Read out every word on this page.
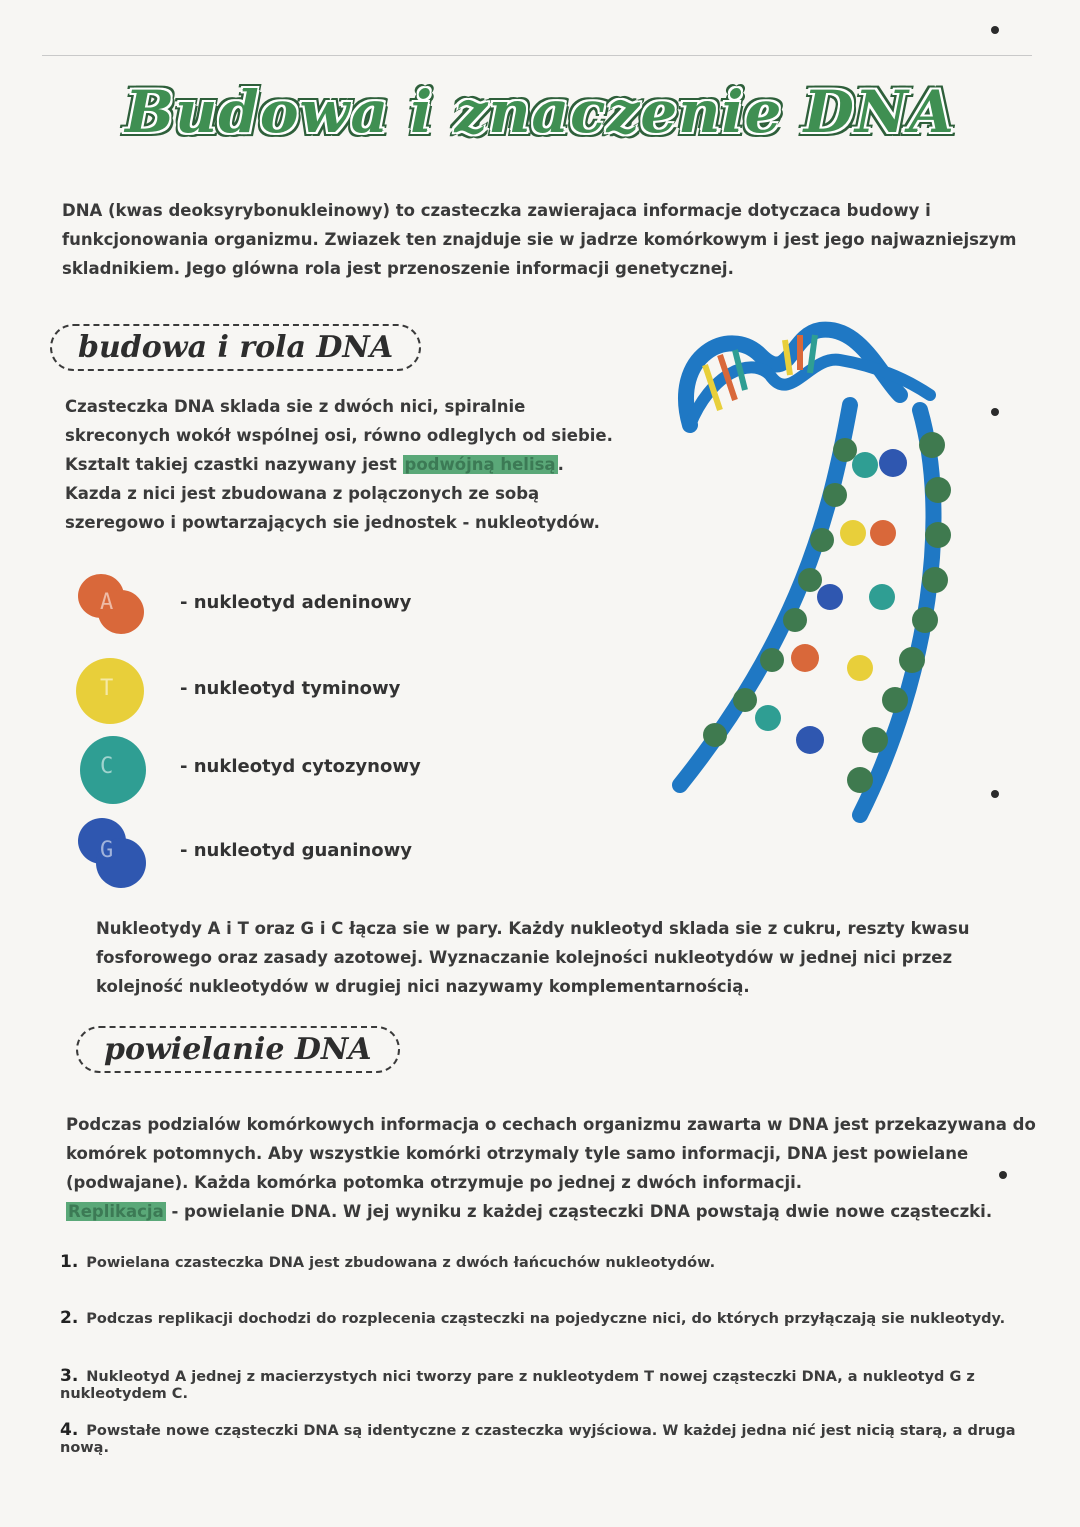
Budowa i znaczenie DNA
DNA (kwas deoksyrybonukleinowy) to czasteczka zawierajaca informacje dotyczaca budowy i funkcjonowania organizmu. Zwiazek ten znajduje sie w jadrze komórkowym i jest jego najwazniejszym skladnikiem. Jego glówna rola jest przenoszenie informacji genetycznej.
budowa i rola DNA
Czasteczka DNA sklada sie z dwóch nici, spiralnie skreconych wokół wspólnej osi, równo odleglych od siebie. Ksztalt takiej czastki nazywany jest podwójną helisą . Kazda z nici jest zbudowana z polączonych ze sobą szeregowo i powtarzających sie jednostek - nukleotydów.
A	- nukleotyd adeninowy
T	- nukleotyd tyminowy
C	- nukleotyd cytozynowy
G	- nukleotyd guaninowy
Nukleotydy A i T oraz G i C łącza sie w pary. Każdy nukleotyd sklada sie z cukru, reszty kwasu fosforowego oraz zasady azotowej. Wyznaczanie kolejności nukleotydów w jednej nici przez kolejność nukleotydów w drugiej nici nazywamy komplementarnością.
powielanie DNA
Podczas podzialów komórkowych informacja o cechach organizmu zawarta w DNA jest przekazywana do komórek potomnych. Aby wszystkie komórki otrzymaly tyle samo informacji, DNA jest powielane (podwajane). Każda komórka potomka otrzymuje po jednej z dwóch informacji.
Replikacja - powielanie DNA. W jej wyniku z każdej cząsteczki DNA powstają dwie nowe cząsteczki.
1. Powielana czasteczka DNA jest zbudowana z dwóch łańcuchów nukleotydów.
2. Podczas replikacji dochodzi do rozplecenia cząsteczki na pojedyczne nici, do których przyłączają sie nukleotydy.
3. Nukleotyd A jednej z macierzystych nici tworzy pare z nukleotydem T nowej cząsteczki DNA, a nukleotyd G z nukleotydem C.
4. Powstałe nowe cząsteczki DNA są identyczne z czasteczka wyjściowa. W każdej jedna nić jest nicią starą, a druga nową.
